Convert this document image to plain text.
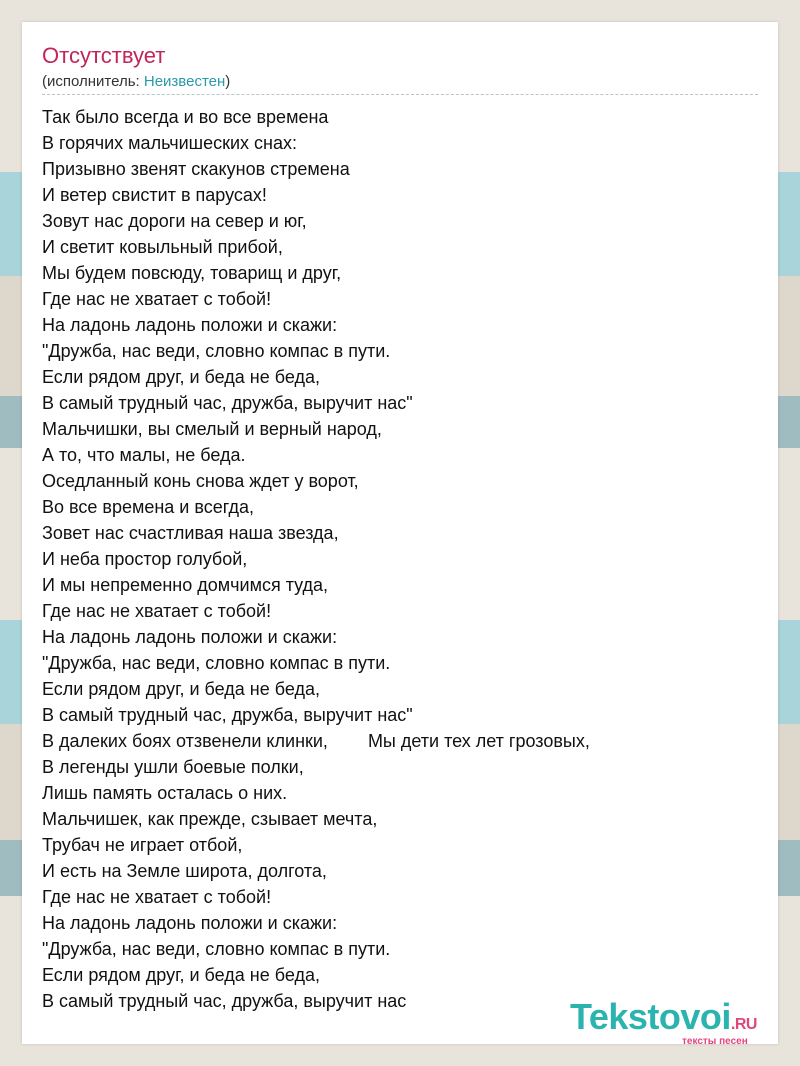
Отсутствует
(исполнитель: Неизвестен)
Так было всегда и во все времена
В горячих мальчишеских снах:
Призывно звенят скакунов стремена
И ветер свистит в парусах!
Зовут нас дороги на север и юг,
И светит ковыльный прибой,
Мы будем повсюду, товарищ и друг,
Где нас не хватает с тобой!
На ладонь ладонь положи и скажи:
"Дружба, нас веди, словно компас в пути.
Если рядом друг, и беда не беда,
В самый трудный час, дружба, выручит нас"
Мальчишки, вы смелый и верный народ,
А то, что малы, не беда.
Оседланный конь снова ждет у ворот,
Во все времена и всегда,
Зовет нас счастливая наша звезда,
И неба простор голубой,
И мы непременно домчимся туда,
Где нас не хватает с тобой!
На ладонь ладонь положи и скажи:
"Дружба, нас веди, словно компас в пути.
Если рядом друг, и беда не беда,
В самый трудный час, дружба, выручит нас"
В далеких боях отзвенели клинки,        Мы дети тех лет грозовых,
В легенды ушли боевые полки,
Лишь память осталась о них.
Мальчишек, как прежде, сзывает мечта,
Трубач не играет отбой,
И есть на Земле широта, долгота,
Где нас не хватает с тобой!
На ладонь ладонь положи и скажи:
"Дружба, нас веди, словно компас в пути.
Если рядом друг, и беда не беда,
В самый трудный час, дружба, выручит нас	Tekstovoi.RU
тексты песен
